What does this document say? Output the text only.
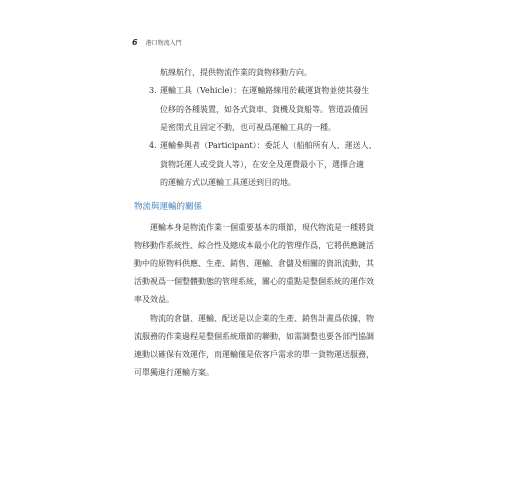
6 港口物流入門
航線航行，提供物流作業的貨物移動方向。
3. 運輸工具（Vehicle）：在運輸路線用於載運貨物並使其發生
位移的各種裝置，如各式貨車、貨機及貨船等。管道設備因
是密閉式且固定不動，也可視爲運輸工具的一種。
4. 運輸參與者（Participant）：委託人（船舶所有人、運送人、
貨物託運人或受貨人等），在安全及運費最小下，選擇合適
的運輸方式以運輸工具運送到目的地。
物流與運輸的關係
運輸本身是物流作業一個重要基本的環節，現代物流是一種將貨
物移動作系統性、綜合性及總成本最小化的管理作爲，它將供應鏈活
動中的原物料供應、生產、銷售、運輸、倉儲及相關的資訊流動，其
活動視爲一個整體動態的管理系統，關心的重點是整個系統的運作效
率及效益。
物流的倉儲、運輸、配送是以企業的生產、銷售計畫爲依據，物
流服務的作業過程是整個系統環節的聯動，如需調整也要各部門協調
連動以確保有效運作，而運輸僅是依客戶需求的單一貨物運送服務，
可單獨進行運輸方案。
